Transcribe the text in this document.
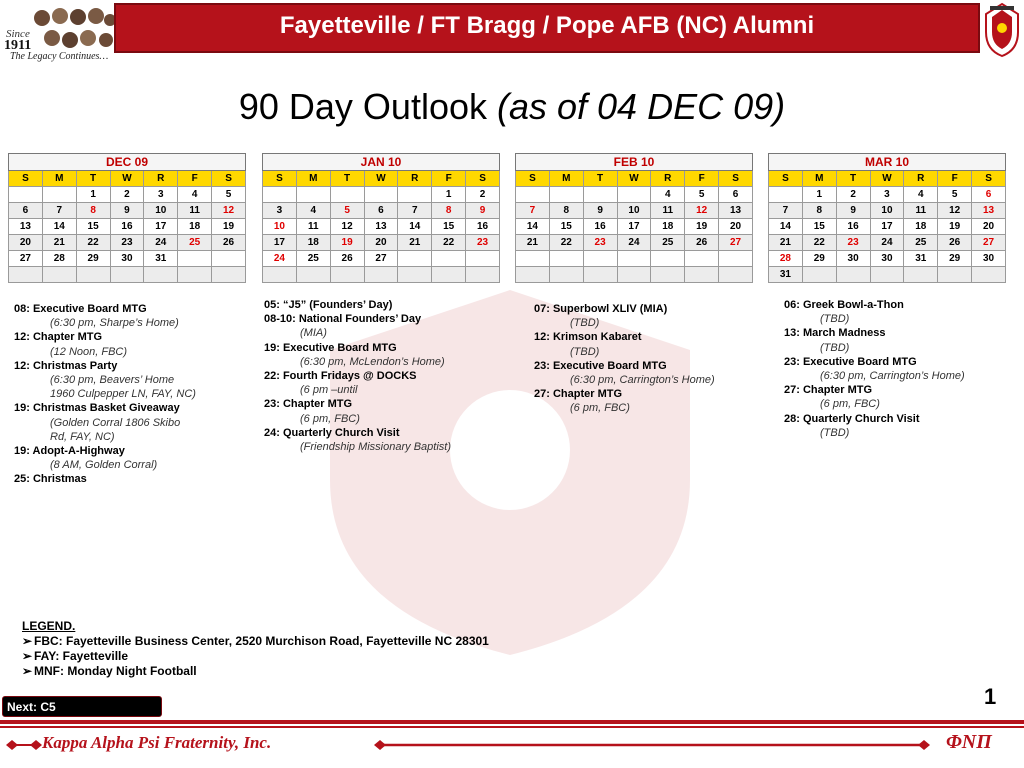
Since
1911
The Legacy Continues…
Fayetteville / FT Bragg / Pope AFB (NC) Alumni
90 Day Outlook (as of 04 DEC 09)
DEC 09						
S	M	T	W	R	F	S
		1	2	3	4	5
6	7	8	9	10	11	12
13	14	15	16	17	18	19
20	21	22	23	24	25	26
27	28	29	30	31		

JAN 10						
S	M	T	W	R	F	S
					1	2
3	4	5	6	7	8	9
10	11	12	13	14	15	16
17	18	19	20	21	22	23
24	25	26	27			

FEB 10						
S	M	T	W	R	F	S
				4	5	6
7	8	9	10	11	12	13
14	15	16	17	18	19	20
21	22	23	24	25	26	27

MAR 10						
S	M	T	W	R	F	S
	1	2	3	4	5	6
7	8	9	10	11	12	13
14	15	16	17	18	19	20
21	22	23	24	25	26	27
28	29	30	30	31	29	30
31						
08: Executive Board MTG
(6:30 pm, Sharpe’s Home)
12: Chapter MTG
(12 Noon, FBC)
12: Christmas Party
(6:30 pm, Beavers’ Home
1960 Culpepper LN, FAY, NC)
19: Christmas Basket Giveaway
(Golden Corral 1806 Skibo
Rd, FAY, NC)
19: Adopt-A-Highway
(8 AM, Golden Corral)
25: Christmas
05: “J5” (Founders’ Day)
08-10: National Founders’ Day
(MIA)
19: Executive Board MTG
(6:30 pm, McLendon’s Home)
22: Fourth Fridays @ DOCKS
(6 pm –until
23: Chapter MTG
(6 pm, FBC)
24: Quarterly Church Visit
(Friendship Missionary Baptist)
07: Superbowl XLIV (MIA)
(TBD)
12: Krimson Kabaret
(TBD)
23: Executive Board MTG
(6:30 pm, Carrington’s Home)
27: Chapter MTG
(6 pm, FBC)
06: Greek Bowl-a-Thon
(TBD)
13: March Madness
(TBD)
23: Executive Board MTG
(6:30 pm, Carrington’s Home)
27: Chapter MTG
(6 pm, FBC)
28: Quarterly Church Visit
(TBD)
LEGEND.
➢ FBC: Fayetteville Business Center, 2520 Murchison Road, Fayetteville NC 28301
➢ FAY: Fayetteville
➢ MNF: Monday Night Football
Next: C5	1
Kappa Alpha Psi Fraternity, Inc.	ΦΝΠ
